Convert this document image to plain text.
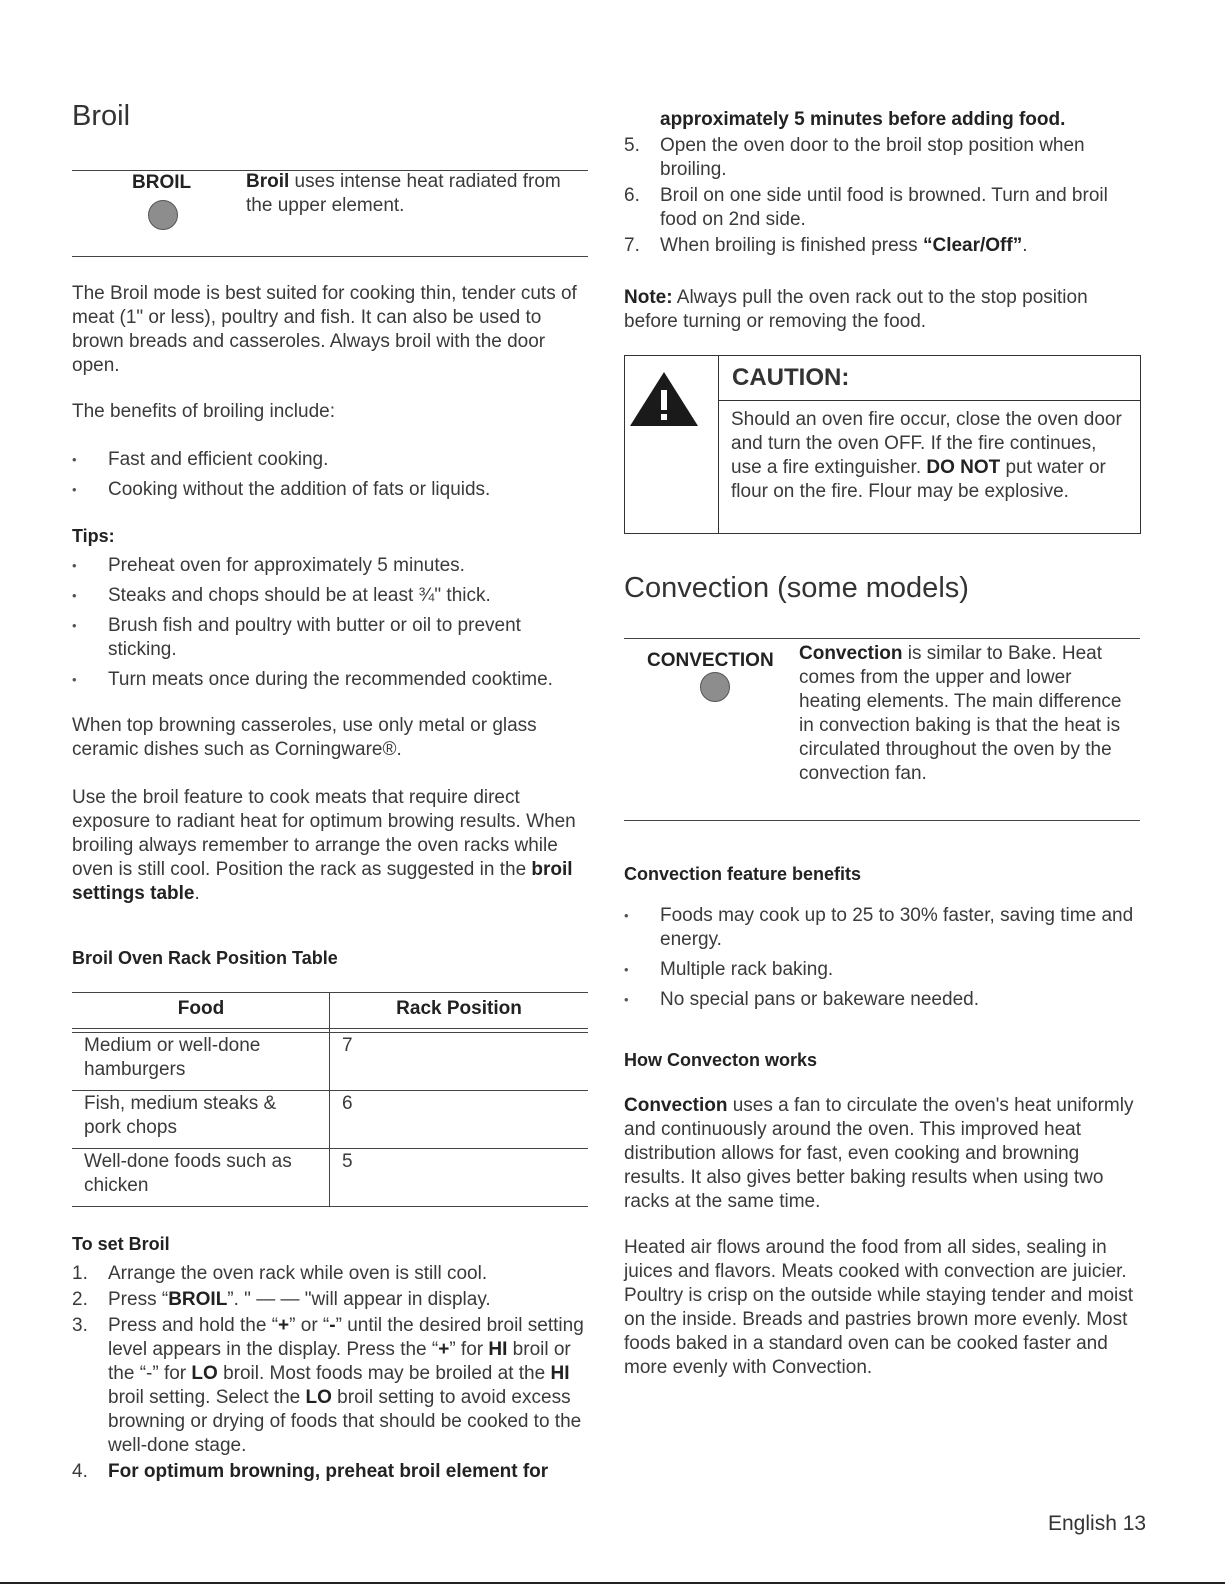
Broil
BROIL	Broil uses intense heat radiated from the upper element.
The Broil mode is best suited for cooking thin, tender cuts of meat (1" or less), poultry and fish. It can also be used to brown breads and casseroles. Always broil with the door open.
The benefits of broiling include:
• Fast and efficient cooking.
• Cooking without the addition of fats or liquids.
Tips:
• Preheat oven for approximately 5 minutes.
• Steaks and chops should be at least ¾" thick.
• Brush fish and poultry with butter or oil to prevent sticking.
• Turn meats once during the recommended cooktime.
When top browning casseroles, use only metal or glass ceramic dishes such as Corningware®.
Use the broil feature to cook meats that require direct exposure to radiant heat for optimum browing results. When broiling always remember to arrange the oven racks while oven is still cool. Position the rack as suggested in the broil settings table.
Broil Oven Rack Position Table
Food	Rack Position
Medium or well-done hamburgers
7
Fish, medium steaks & pork chops
6
Well-done foods such as chicken
5
To set Broil
1. Arrange the oven rack while oven is still cool.
2. Press “BROIL”. " — — "will appear in display.
3. Press and hold the “+” or “-” until the desired broil setting level appears in the display. Press the “+” for HI broil or the “-” for LO broil. Most foods may be broiled at the HI broil setting. Select the LO broil setting to avoid excess browning or drying of foods that should be cooked to the well-done stage.
4. For optimum browning, preheat broil element for
approximately 5 minutes before adding food.
5. Open the oven door to the broil stop position when broiling.
6. Broil on one side until food is browned. Turn and broil food on 2nd side.
7. When broiling is finished press “Clear/Off”.
Note: Always pull the oven rack out to the stop position before turning or removing the food.
CAUTION:
Should an oven fire occur, close the oven door and turn the oven OFF. If the fire continues, use a fire extinguisher. DO NOT put water or flour on the fire. Flour may be explosive.
Convection (some models)
CONVECTION Convection is similar to Bake. Heat comes from the upper and lower heating elements. The main difference in convection baking is that the heat is circulated throughout the oven by the convection fan.
Convection feature benefits
• Foods may cook up to 25 to 30% faster, saving time and energy.
• Multiple rack baking.
• No special pans or bakeware needed.
How Convecton works
Convection uses a fan to circulate the oven's heat uniformly and continuously around the oven. This improved heat distribution allows for fast, even cooking and browning results. It also gives better baking results when using two racks at the same time.
Heated air flows around the food from all sides, sealing in juices and flavors. Meats cooked with convection are juicier. Poultry is crisp on the outside while staying tender and moist on the inside. Breads and pastries brown more evenly. Most foods baked in a standard oven can be cooked faster and more evenly with Convection.
English 13
